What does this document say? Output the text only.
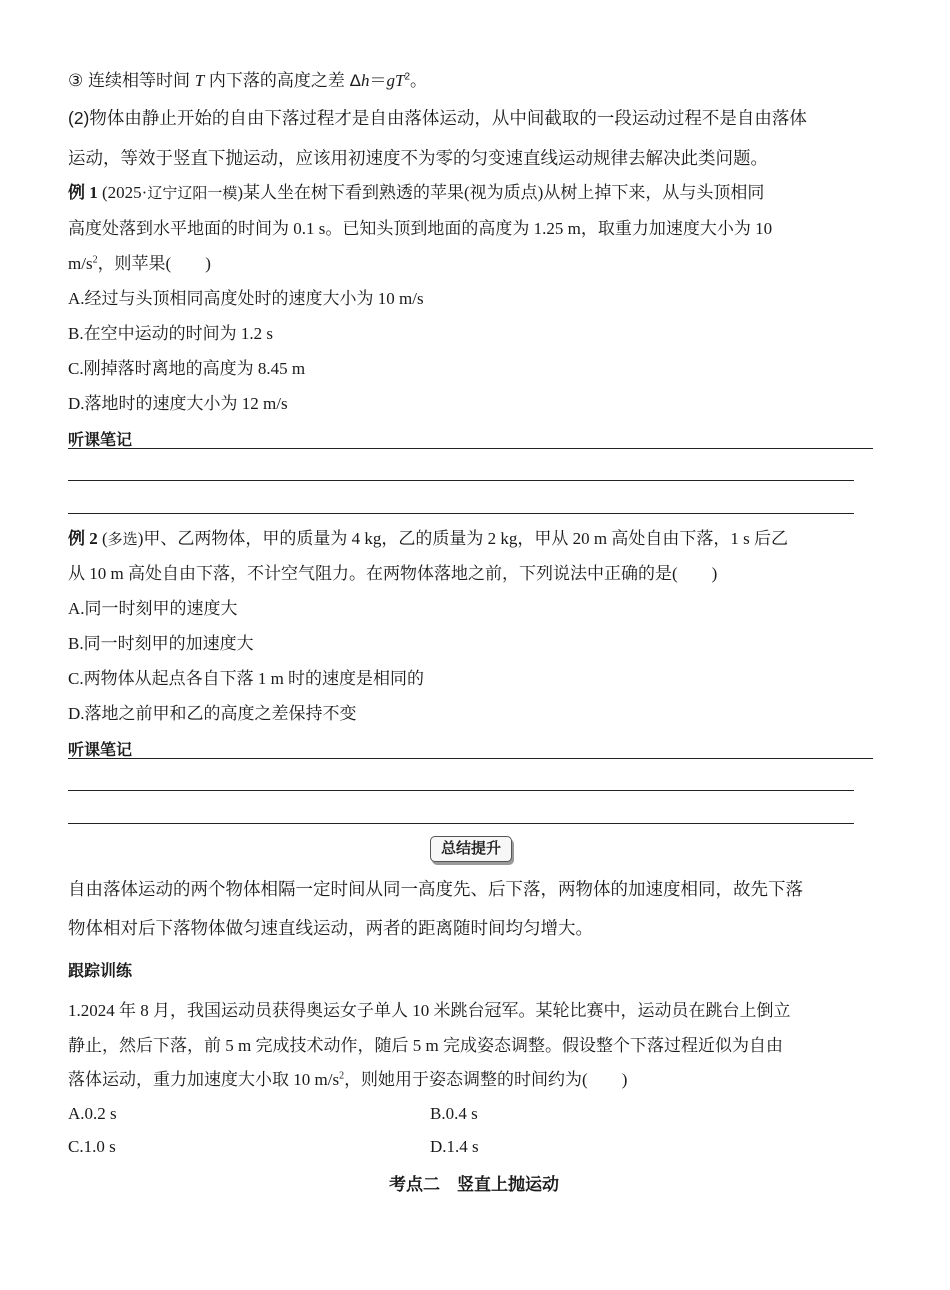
③ 连续相等时间 T 内下落的高度之差 $\Delta h=gT^2$。
(2)物体由静止开始的自由下落过程才是自由落体运动，从中间截取的一段运动过程不是自由落体
运动，等效于竖直下抛运动，应该用初速度不为零的匀变速直线运动规律去解决此类问题。
例 1 (2025·辽宁辽阳一模)某人坐在树下看到熟透的苹果(视为质点)从树上掉下来，从与头顶相同
高度处落到水平地面的时间为 0.1 s。已知头顶到地面的高度为 1.25 m，取重力加速度大小为 10
$m/s^2$，则苹果(　　)
A.经过与头顶相同高度处时的速度大小为 10 m/s
B.在空中运动的时间为 1.2 s
C.刚掉落时离地的高度为 8.45 m
D.落地时的速度大小为 12 m/s
听课笔记
例 2 (多选)甲、乙两物体，甲的质量为 4 kg，乙的质量为 2 kg，甲从 20 m 高处自由下落，1 s 后乙
从 10 m 高处自由下落，不计空气阻力。在两物体落地之前，下列说法中正确的是(　　)
A.同一时刻甲的速度大
B.同一时刻甲的加速度大
C.两物体从起点各自下落 1 m 时的速度是相同的
D.落地之前甲和乙的高度之差保持不变
听课笔记
总结提升
自由落体运动的两个物体相隔一定时间从同一高度先、后下落，两物体的加速度相同，故先下落
物体相对后下落物体做匀速直线运动，两者的距离随时间均匀增大。
跟踪训练
1.2024 年 8 月，我国运动员获得奥运女子单人 10 米跳台冠军。某轮比赛中，运动员在跳台上倒立
静止，然后下落，前 5 m 完成技术动作，随后 5 m 完成姿态调整。假设整个下落过程近似为自由
落体运动，重力加速度大小取 10 $m/s^2$，则她用于姿态调整的时间约为(　　)
A.0.2 s	B.0.4 s
C.1.0 s	D.1.4 s
考点二　竖直上抛运动
